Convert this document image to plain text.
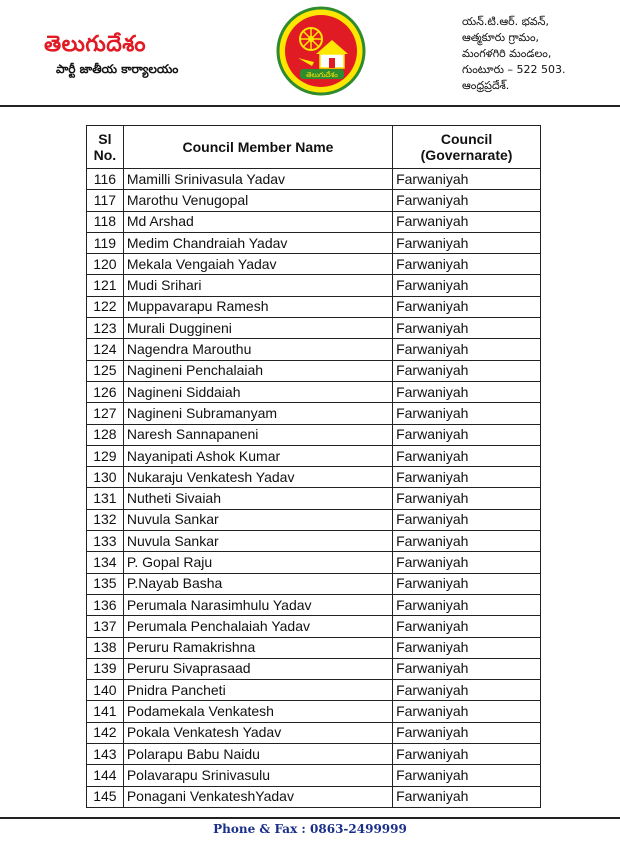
తెలుగుదేశం
పార్టీ జాతీయ కార్యాలయం	తెలుగుదేశం
యన్.టి.ఆర్. భవన్,
ఆత్మకూరు గ్రామం,
మంగళగిరి మండలం,
గుంటూరు – 522 503.
ఆంధ్రప్రదేశ్.
Sl
No.	Council Member Name	Council
(Governarate)
116	Mamilli Srinivasula Yadav	Farwaniyah
117	Marothu Venugopal	Farwaniyah
118	Md Arshad	Farwaniyah
119	Medim Chandraiah Yadav	Farwaniyah
120	Mekala Vengaiah Yadav	Farwaniyah
121	Mudi Srihari	Farwaniyah
122	Muppavarapu Ramesh	Farwaniyah
123	Murali Duggineni	Farwaniyah
124	Nagendra Marouthu	Farwaniyah
125	Nagineni Penchalaiah	Farwaniyah
126	Nagineni Siddaiah	Farwaniyah
127	Nagineni Subramanyam	Farwaniyah
128	Naresh Sannapaneni	Farwaniyah
129	Nayanipati Ashok Kumar	Farwaniyah
130	Nukaraju Venkatesh Yadav	Farwaniyah
131	Nutheti Sivaiah	Farwaniyah
132	Nuvula Sankar	Farwaniyah
133	Nuvula Sankar	Farwaniyah
134	P. Gopal Raju	Farwaniyah
135	P.Nayab Basha	Farwaniyah
136	Perumala Narasimhulu Yadav	Farwaniyah
137	Perumala Penchalaiah Yadav	Farwaniyah
138	Peruru Ramakrishna	Farwaniyah
139	Peruru Sivaprasaad	Farwaniyah
140	Pnidra Pancheti	Farwaniyah
141	Podamekala Venkatesh	Farwaniyah
142	Pokala Venkatesh Yadav	Farwaniyah
143	Polarapu Babu Naidu	Farwaniyah
144	Polavarapu Srinivasulu	Farwaniyah
145	Ponagani VenkateshYadav	Farwaniyah
Phone & Fax : 0863-2499999
